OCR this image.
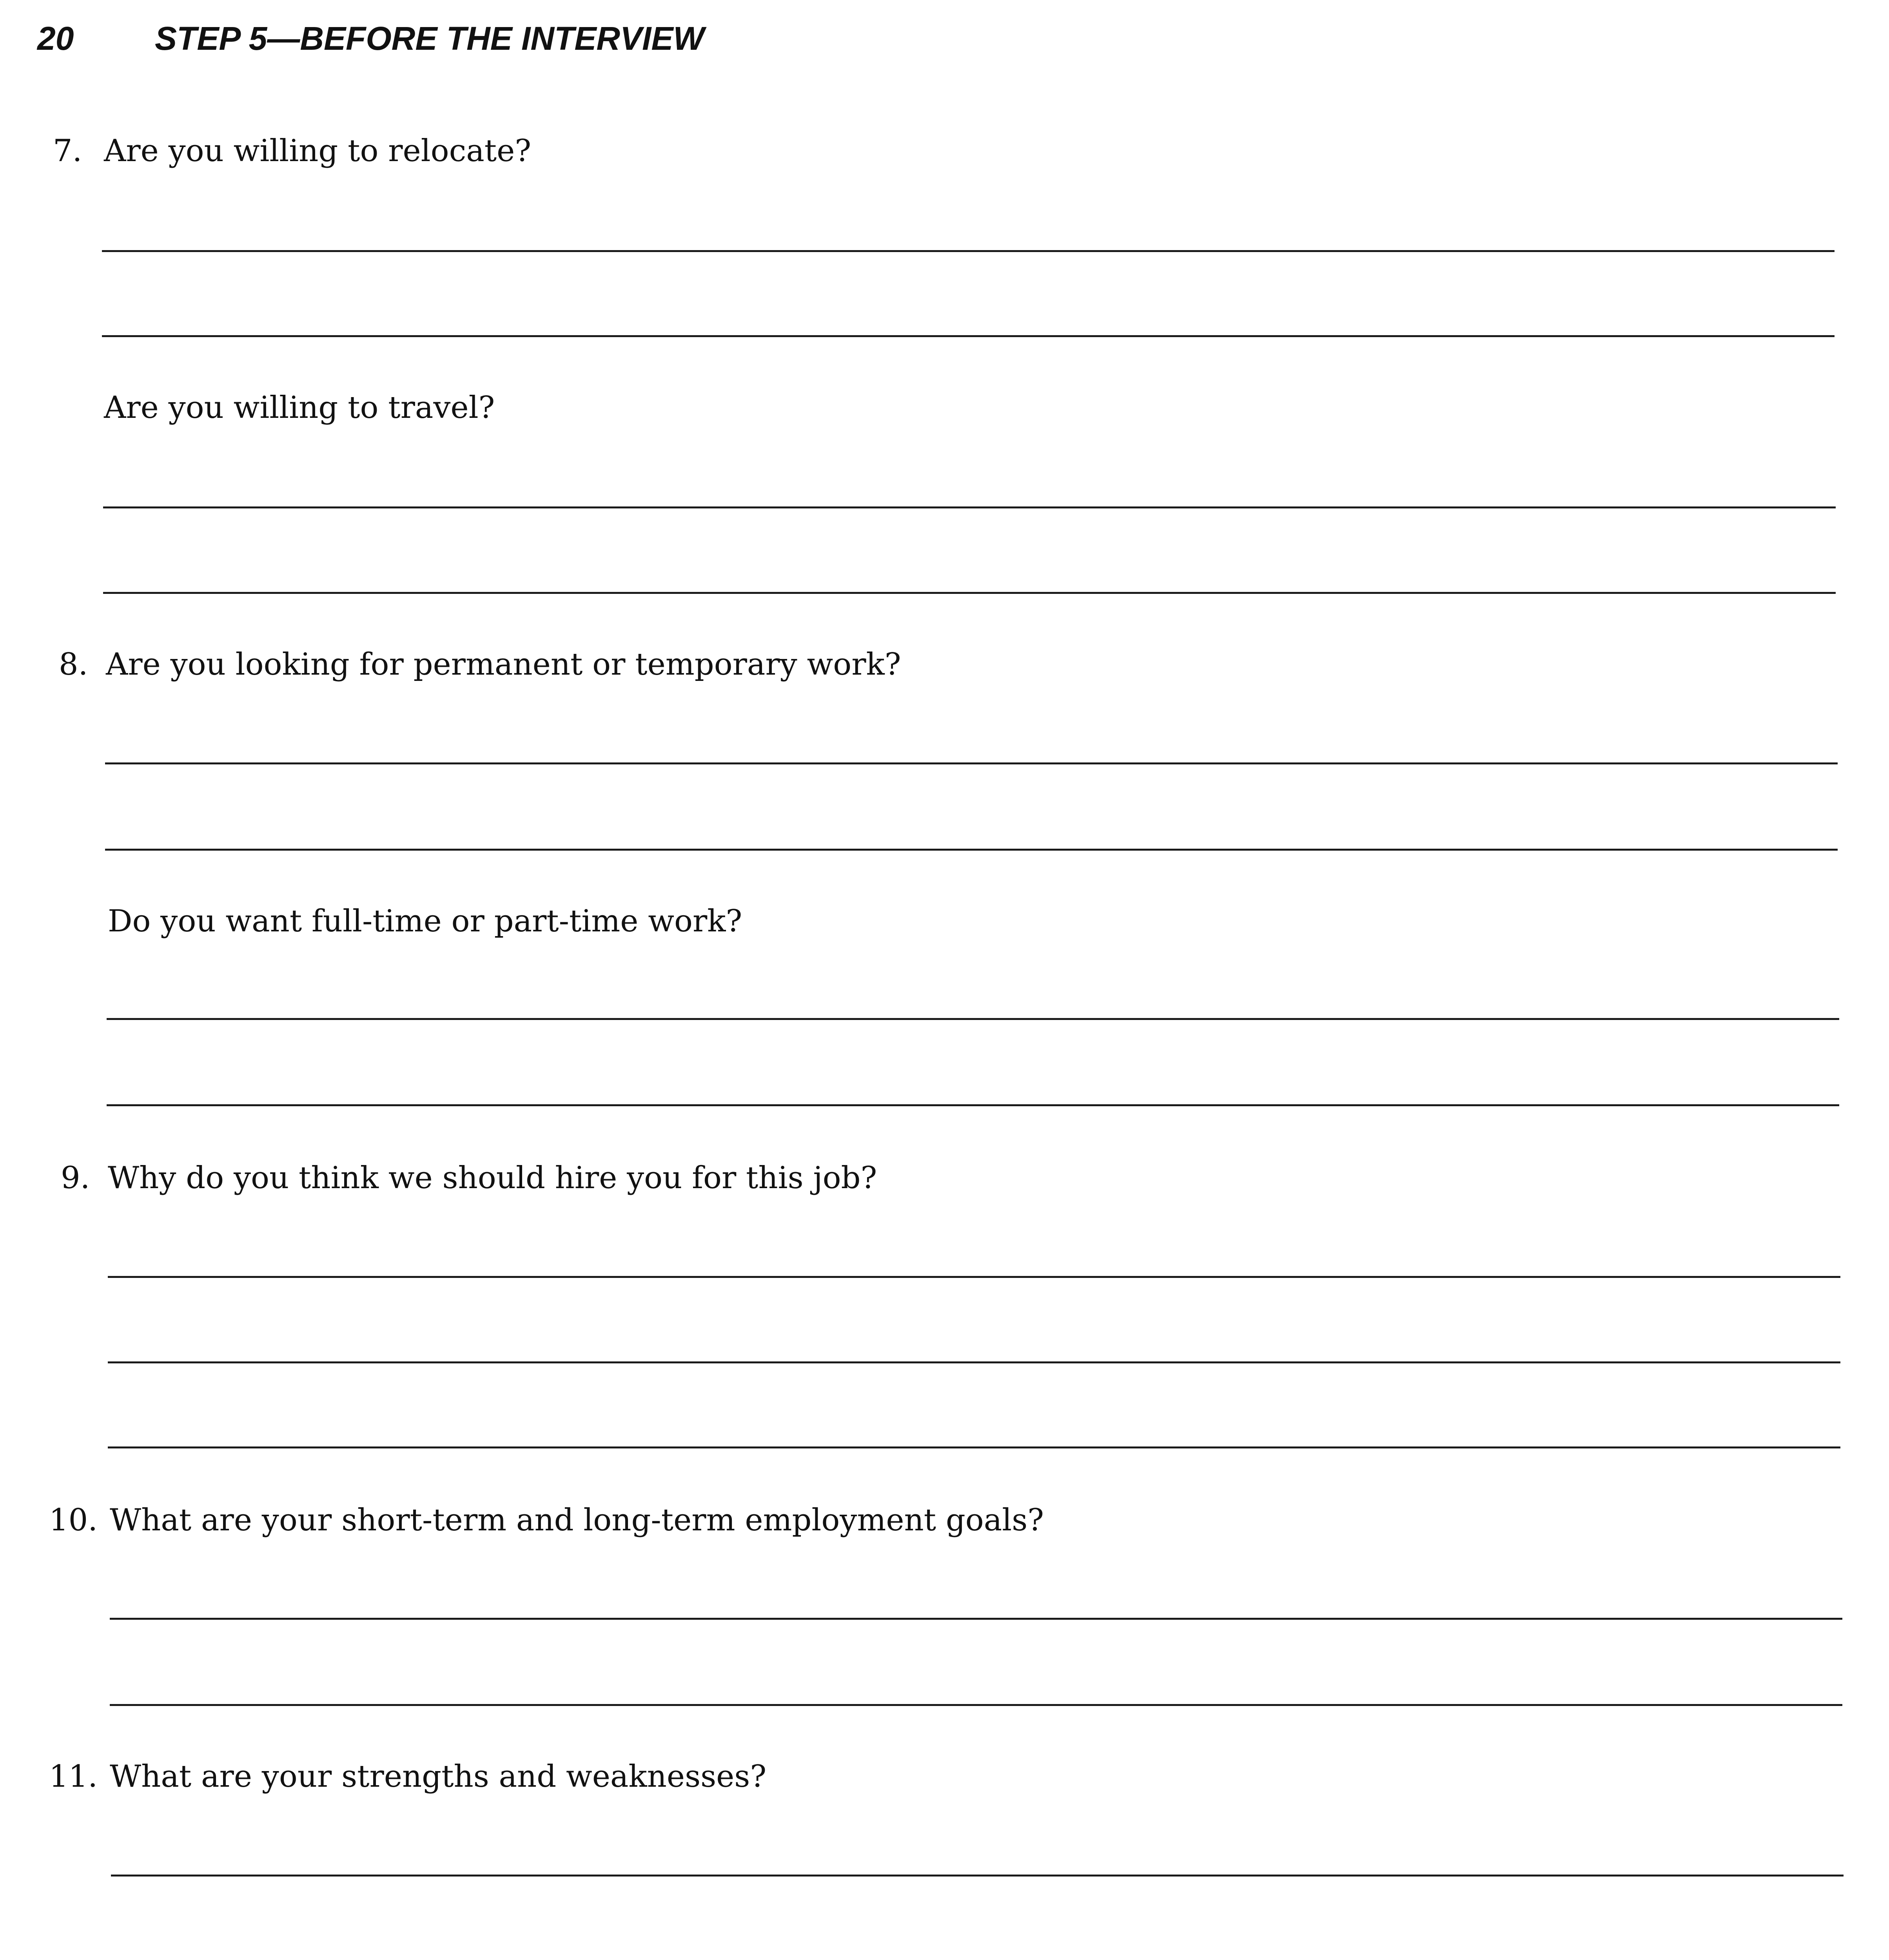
20 STEP 5—BEFORE THE INTERVIEW
7. Are you willing to relocate?
Are you willing to travel?
8. Are you looking for permanent or temporary work?
Do you want full-time or part-time work?
9. Why do you think we should hire you for this job?
10. What are your short-term and long-term employment goals?
11. What are your strengths and weaknesses?
